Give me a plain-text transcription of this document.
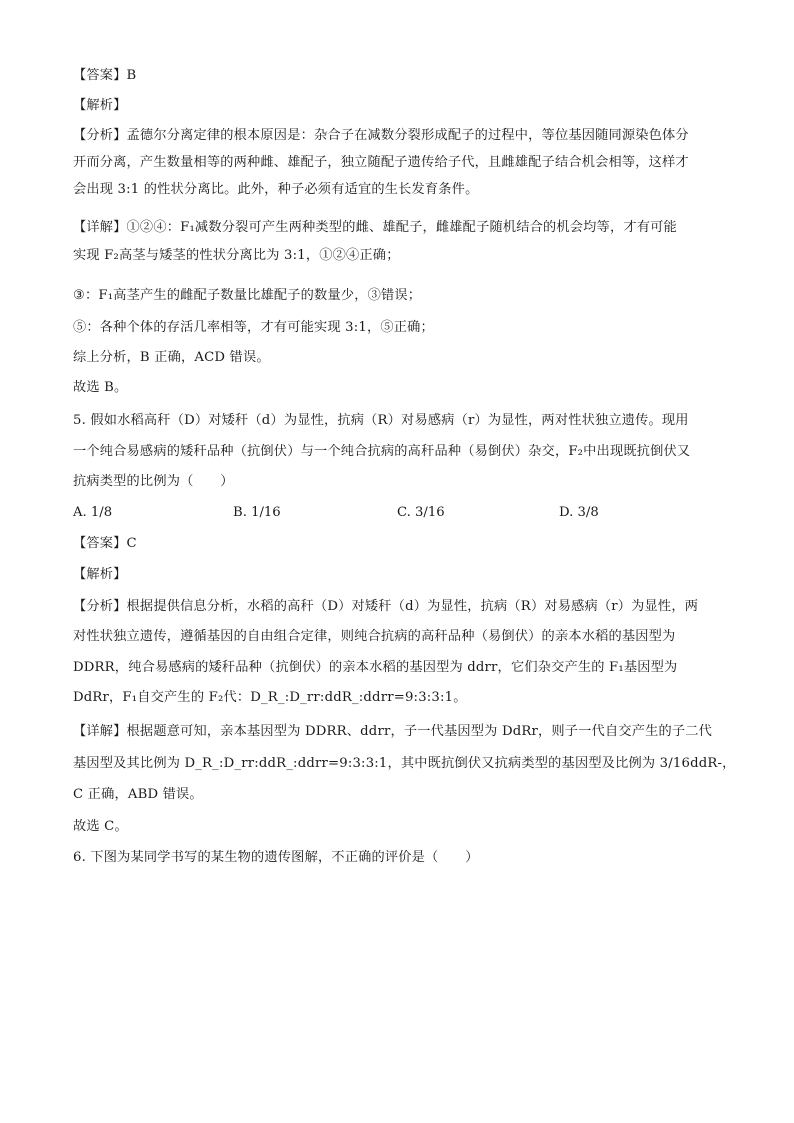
【答案】B
【解析】
【分析】孟德尔分离定律的根本原因是：杂合子在减数分裂形成配子的过程中，等位基因随同源染色体分
开而分离，产生数量相等的两种雌、雄配子，独立随配子遗传给子代，且雌雄配子结合机会相等，这样才
会出现 3:1 的性状分离比。此外，种子必须有适宜的生长发育条件。
【详解】①②④：F₁减数分裂可产生两种类型的雌、雄配子，雌雄配子随机结合的机会均等，才有可能
实现 F₂高茎与矮茎的性状分离比为 3:1，①②④正确；
③：F₁高茎产生的雌配子数量比雄配子的数量少，③错误；
⑤：各种个体的存活几率相等，才有可能实现 3:1，⑤正确；
综上分析，B 正确，ACD 错误。
故选 B。
5. 假如水稻高秆（D）对矮秆（d）为显性，抗病（R）对易感病（r）为显性，两对性状独立遗传。现用
一个纯合易感病的矮秆品种（抗倒伏）与一个纯合抗病的高秆品种（易倒伏）杂交，F₂中出现既抗倒伏又
抗病类型的比例为（　　）
A. 1/8	B. 1/16	C. 3/16	D. 3/8
【答案】C
【解析】
【分析】根据提供信息分析，水稻的高秆（D）对矮秆（d）为显性，抗病（R）对易感病（r）为显性，两
对性状独立遗传，遵循基因的自由组合定律，则纯合抗病的高秆品种（易倒伏）的亲本水稻的基因型为
DDRR，纯合易感病的矮秆品种（抗倒伏）的亲本水稻的基因型为 ddrr，它们杂交产生的 F₁基因型为
DdRr，F₁自交产生的 F₂代：D_R_:D_rr:ddR_:ddrr=9:3:3:1。
【详解】根据题意可知，亲本基因型为 DDRR、ddrr，子一代基因型为 DdRr，则子一代自交产生的子二代
基因型及其比例为 D_R_:D_rr:ddR_:ddrr=9:3:3:1，其中既抗倒伏又抗病类型的基因型及比例为 3/16ddR-，
C 正确，ABD 错误。
故选 C。
6. 下图为某同学书写的某生物的遗传图解，不正确的评价是（　　）
